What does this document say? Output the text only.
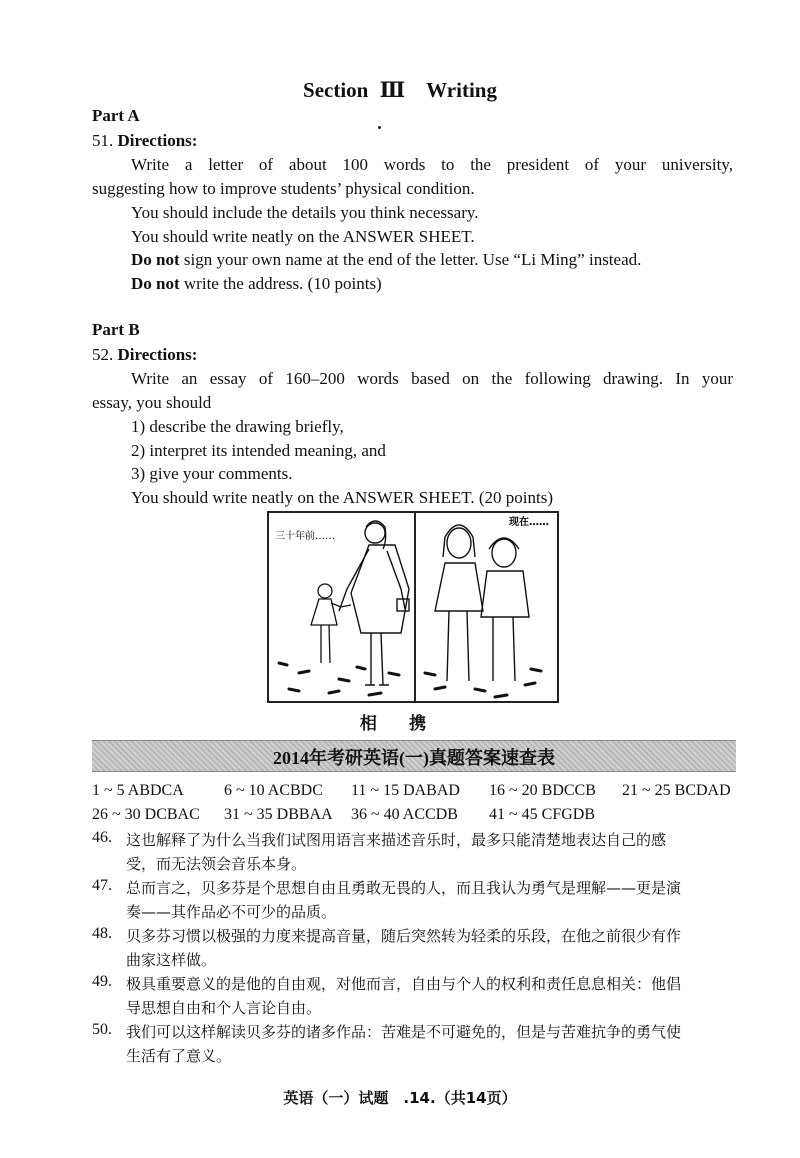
Section Ⅲ　Writing
Part A
51. Directions:
Write a letter of about 100 words to the president of your university,
suggesting how to improve students’ physical condition.
You should include the details you think necessary.
You should write neatly on the ANSWER SHEET.
Do not sign your own name at the end of the letter. Use “Li Ming” instead.
Do not write the address. (10 points)
Part B
52. Directions:
Write an essay of 160–200 words based on the following drawing. In your
essay, you should
1) describe the drawing briefly,
2) interpret its intended meaning, and
3) give your comments.
You should write neatly on the ANSWER SHEET. (20 points)
三十年前……
现在……
相 携
2014年考研英语(一)真题答案速查表
1 ~ 5 ABDCA	6 ~ 10 ACBDC 11 ~ 15 DABAD 16 ~ 20 BDCCB 21 ~ 25 BCDAD
26 ~ 30 DCBAC 31 ~ 35 DBBAA 36 ~ 40 ACCDB 41 ~ 45 CFGDB
46. 这也解释了为什么当我们试图用语言来描述音乐时，最多只能清楚地表达自己的感
受，而无法领会音乐本身。
47. 总而言之，贝多芬是个思想自由且勇敢无畏的人，而且我认为勇气是理解——更是演
奏——其作品必不可少的品质。
48. 贝多芬习惯以极强的力度来提高音量，随后突然转为轻柔的乐段，在他之前很少有作
曲家这样做。
49. 极具重要意义的是他的自由观，对他而言，自由与个人的权利和责任息息相关：他倡
导思想自由和个人言论自由。
50. 我们可以这样解读贝多芬的诸多作品：苦难是不可避免的，但是与苦难抗争的勇气使
生活有了意义。
英语（一）试题　.14.（共14页）
